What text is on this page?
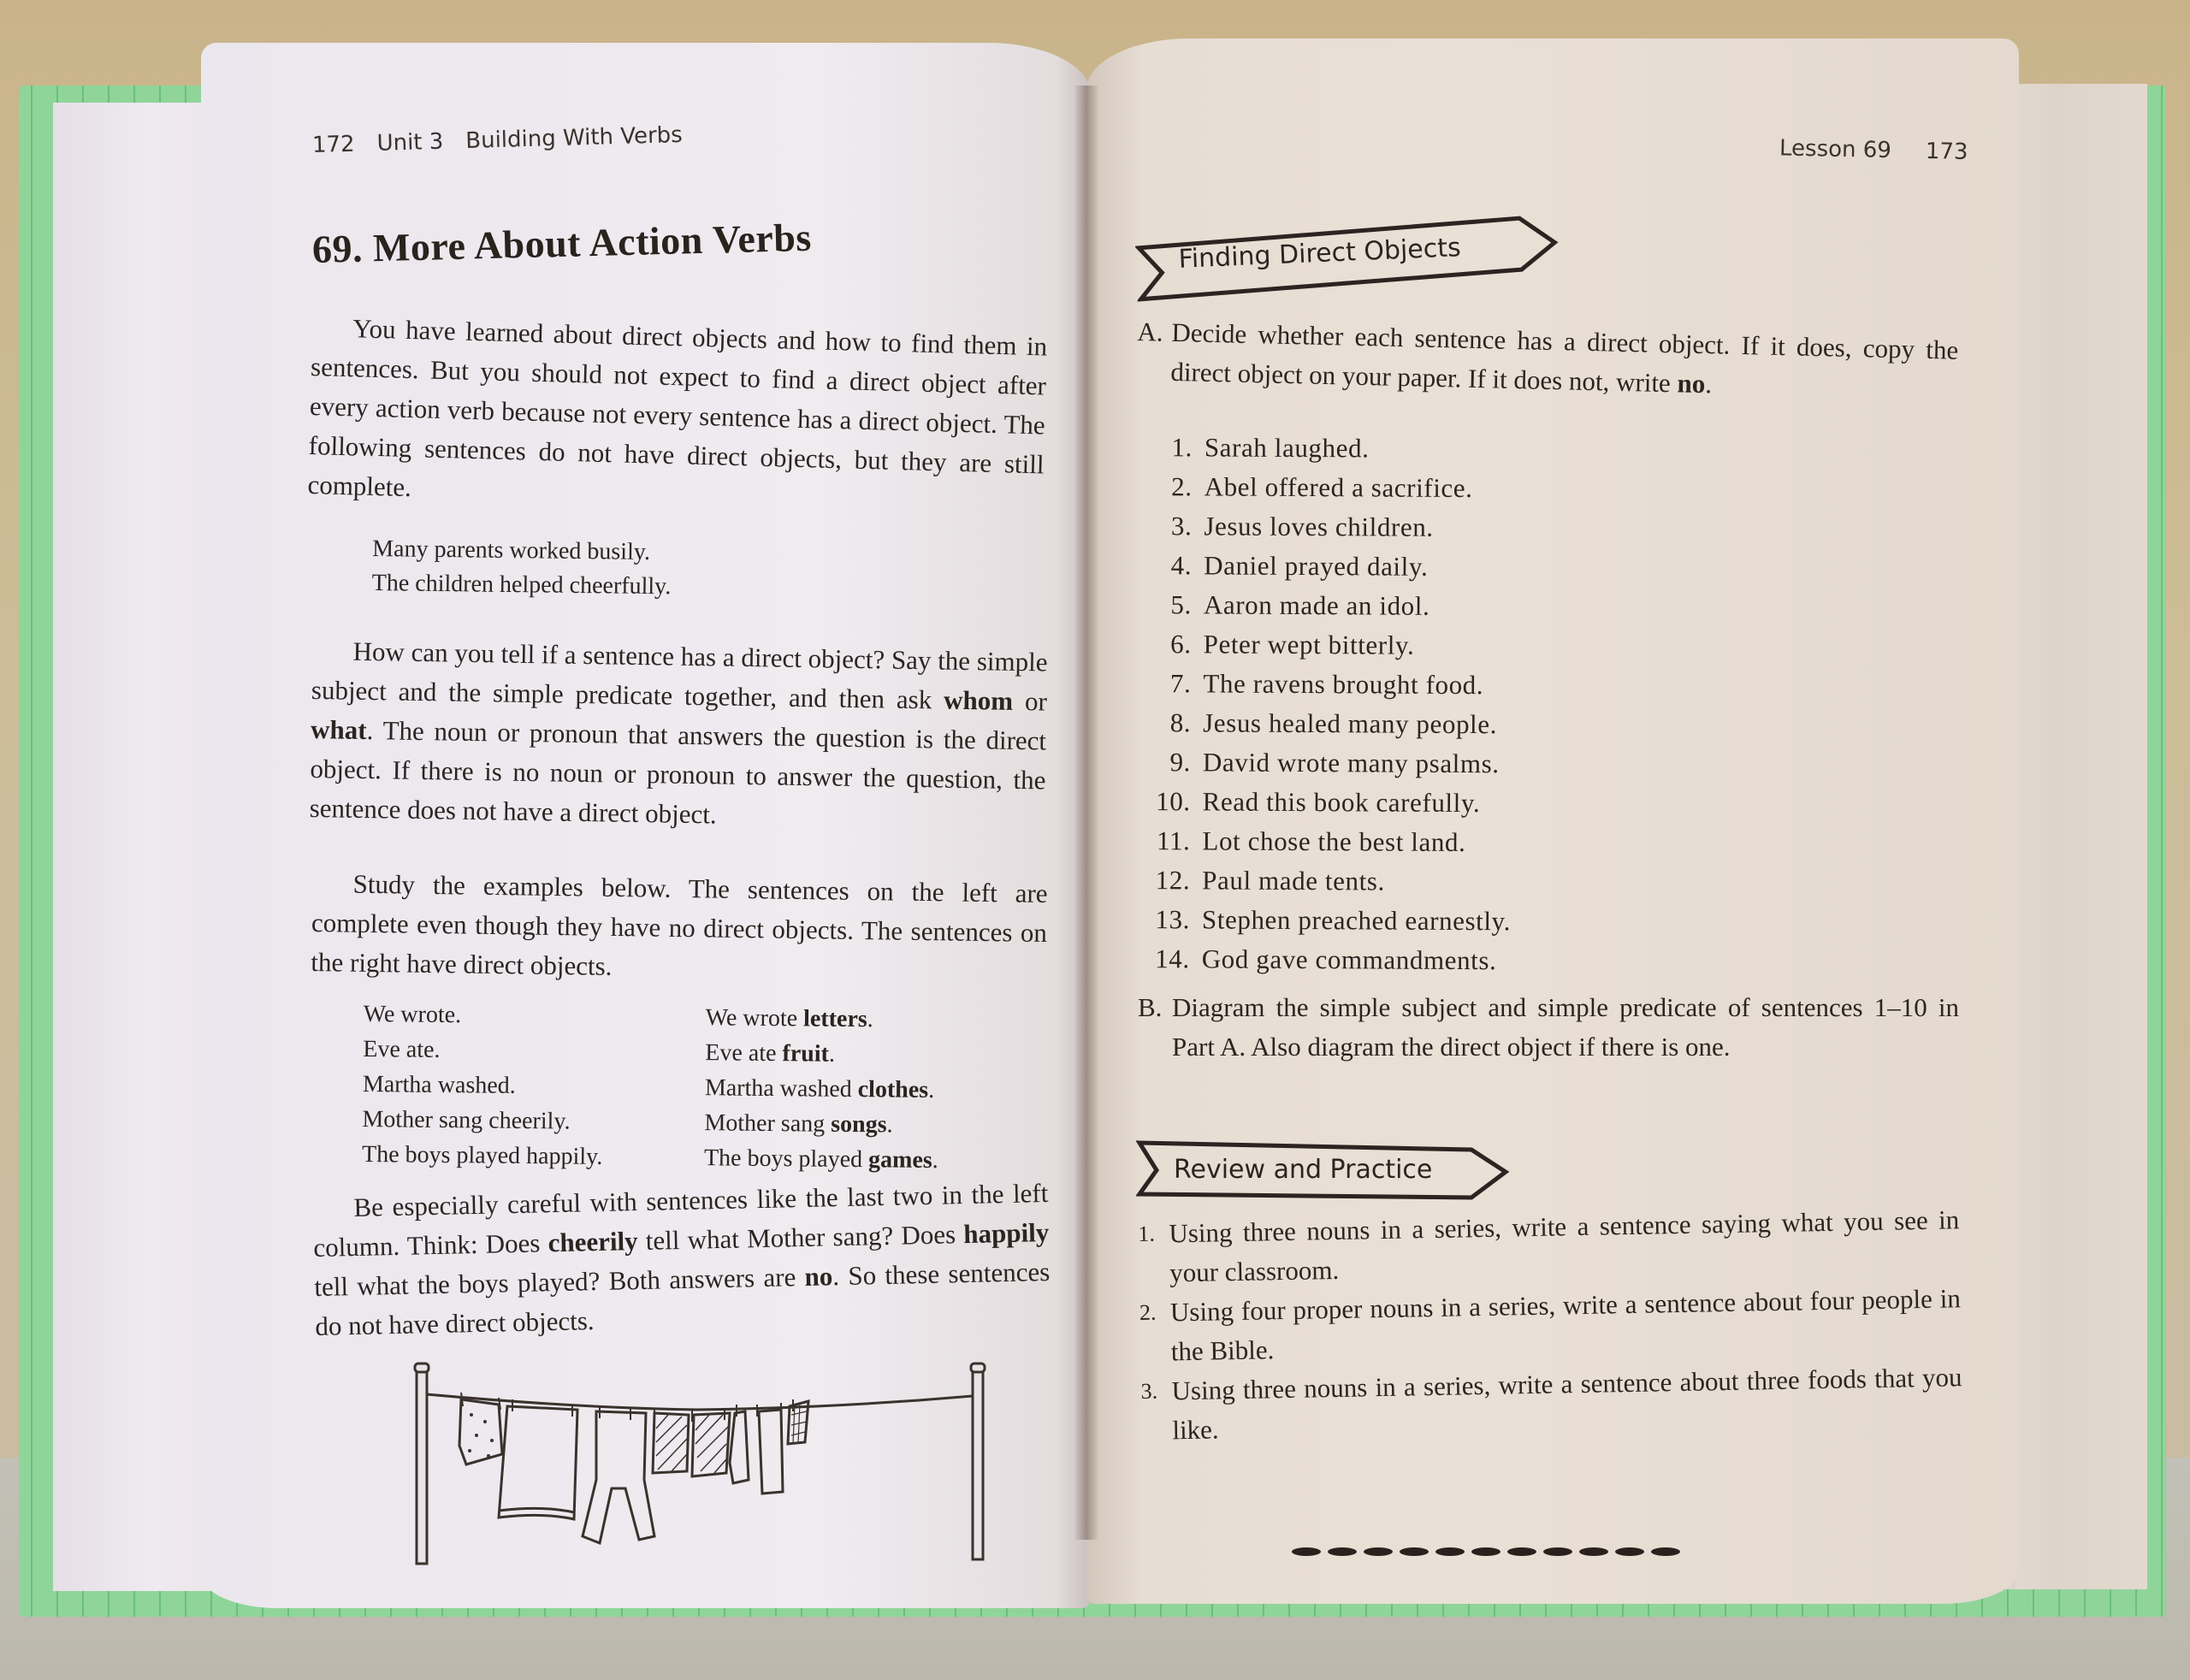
172 Unit 3 Building With Verbs
69. More About Action Verbs

You have learned about direct objects and how to find them in sentences. But you should not expect to find a direct object after every action verb because not every sentence has a direct object. The following sentences do not have direct objects, but they are still complete.

Many parents worked busily.
The children helped cheerfully.

How can you tell if a sentence has a direct object? Say the simple subject and the simple predicate together, and then ask whom or what. The noun or pronoun that answers the question is the direct object. If there is no noun or pronoun to answer the question, the sentence does not have a direct object.

Study the examples below. The sentences on the left are complete even though they have no direct objects. The sentences on the right have direct objects.

We wrote.	We wrote letters.
Eve ate.	Eve ate fruit.
Martha washed.	Martha washed clothes.
Mother sang cheerily.	Mother sang songs.
The boys played happily.	The boys played games.

Be especially careful with sentences like the last two in the left column. Think: Does cheerily tell what Mother sang? Does happily tell what the boys played? Both answers are no. So these sentences do not have direct objects.

Lesson 69 173
Finding Direct Objects
A. Decide whether each sentence has a direct object. If it does, copy the direct object on your paper. If it does not, write no.
1. Sarah laughed.
2. Abel offered a sacrifice.
3. Jesus loves children.
4. Daniel prayed daily.
5. Aaron made an idol.
6. Peter wept bitterly.
7. The ravens brought food.
8. Jesus healed many people.
9. David wrote many psalms.
10. Read this book carefully.
11. Lot chose the best land.
12. Paul made tents.
13. Stephen preached earnestly.
14. God gave commandments.
B. Diagram the simple subject and simple predicate of sentences 1–10 in Part A. Also diagram the direct object if there is one.
Review and Practice
1. Using three nouns in a series, write a sentence saying what you see in your classroom.
2. Using four proper nouns in a series, write a sentence about four people in the Bible.
3. Using three nouns in a series, write a sentence about three foods that you like.
